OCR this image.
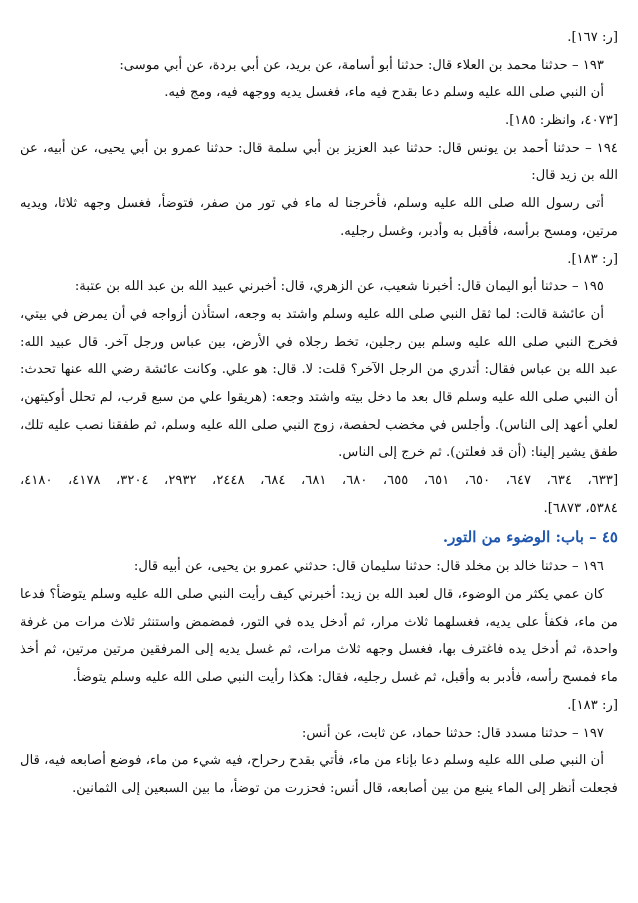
[ر: ١٦٧].
١٩٣ – حدثنا محمد بن العلاء قال: حدثنا أبو أسامة، عن بريد، عن أبي بردة، عن أبي موسى:
أن النبي صلى الله عليه وسلم دعا بقدح فيه ماء، فغسل يديه ووجهه فيه، ومج فيه.
[٤٠٧٣، وانظر: ١٨٥].
١٩٤ – حدثنا أحمد بن يونس قال: حدثنا عبد العزيز بن أبي سلمة قال: حدثنا عمرو بن أبي يحيى، عن أبيه، عن
الله بن زيد قال:
أتى رسول الله صلى الله عليه وسلم، فأخرجنا له ماء في تور من صفر، فتوضأ، فغسل وجهه ثلاثا، ويديه
مرتين، ومسح برأسه، فأقبل به وأدبر، وغسل رجليه.
[ر: ١٨٣].
١٩٥ – حدثنا أبو اليمان قال: أخبرنا شعيب، عن الزهري، قال: أخبرني عبيد الله بن عبد الله بن عتبة:
أن عائشة قالت: لما ثقل النبي صلى الله عليه وسلم واشتد به وجعه، استأذن أزواجه في أن يمرض في بيتي،
فخرج النبي صلى الله عليه وسلم بين رجلين، تخط رجلاه في الأرض، بين عباس ورجل آخر. قال عبيد الله:
عبد الله بن عباس فقال: أتدري من الرجل الآخر؟ قلت: لا. قال: هو علي. وكانت عائشة رضي الله عنها تحدث:
أن النبي صلى الله عليه وسلم قال بعد ما دخل بيته واشتد وجعه: (هريقوا علي من سبع قرب، لم تحلل أوكيتهن،
لعلي أعهد إلى الناس). وأجلس في مخضب لحفصة، زوج النبي صلى الله عليه وسلم، ثم طفقنا نصب عليه تلك،
طفق يشير إلينا: (أن قد فعلتن). ثم خرج إلى الناس.
[٦٣٣، ٦٣٤، ٦٤٧، ٦٥٠، ٦٥١، ٦٥٥، ٦٨٠، ٦٨١، ٦٨٤، ٢٤٤٨، ٢٩٣٢، ٣٢٠٤، ٤١٧٨، ٤١٨٠،
٥٣٨٤، ٦٨٧٣].
٤٥ – باب: الوضوء من التور.
١٩٦ – حدثنا خالد بن مخلد قال: حدثنا سليمان قال: حدثني عمرو بن يحيى، عن أبيه قال:
كان عمي يكثر من الوضوء، قال لعبد الله بن زيد: أخبرني كيف رأيت النبي صلى الله عليه وسلم يتوضأ؟ فدعا
من ماء، فكفأ على يديه، فغسلهما ثلاث مرار، ثم أدخل يده في التور، فمضمض واستنثر ثلاث مرات من غرفة
واحدة، ثم أدخل يده فاغترف بها، فغسل وجهه ثلاث مرات، ثم غسل يديه إلى المرفقين مرتين مرتين، ثم أخذ
ماء فمسح رأسه، فأدبر به وأقبل، ثم غسل رجليه، فقال: هكذا رأيت النبي صلى الله عليه وسلم يتوضأ.
[ر: ١٨٣].
١٩٧ – حدثنا مسدد قال: حدثنا حماد، عن ثابت، عن أنس:
أن النبي صلى الله عليه وسلم دعا بإناء من ماء، فأتي بقدح رحراح، فيه شيء من ماء، فوضع أصابعه فيه، قال
فجعلت أنظر إلى الماء ينبع من بين أصابعه، قال أنس: فحزرت من توضأ، ما بين السبعين إلى الثمانين.
